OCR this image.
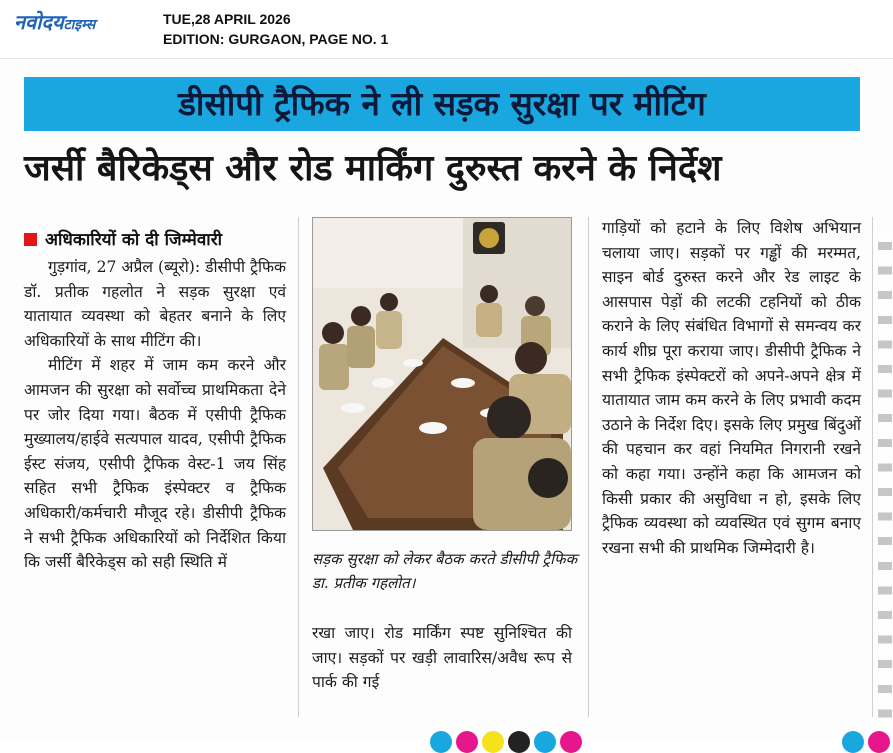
नवोदयटाइम्स	TUE,28 APRIL 2026
EDITION: GURGAON, PAGE NO. 1
डीसीपी ट्रैफिक ने ली सड़क सुरक्षा पर मीटिंग
जर्सी बैरिकेड्स और रोड मार्किंग दुरुस्त करने के निर्देश
अधिकारियों को दी जिम्मेवारी

गुड़गांव, 27 अप्रैल (ब्यूरो): डीसीपी ट्रैफिक डॉ. प्रतीक गहलोत ने सड़क सुरक्षा एवं यातायात व्यवस्था को बेहतर बनाने के लिए अधिकारियों के साथ मीटिंग की।

मीटिंग में शहर में जाम कम करने और आमजन की सुरक्षा को सर्वोच्च प्राथमिकता देने पर जोर दिया गया। बैठक में एसीपी ट्रैफिक मुख्यालय/हाईवे सत्यपाल यादव, एसीपी ट्रैफिक ईस्ट संजय, एसीपी ट्रैफिक वेस्ट-1 जय सिंह सहित सभी ट्रैफिक इंस्पेक्टर व ट्रैफिक अधिकारी/कर्मचारी मौजूद रहे। डीसीपी ट्रैफिक ने सभी ट्रैफिक अधिकारियों को निर्देशित किया कि जर्सी बैरिकेड्स को सही स्थिति में	सड़क सुरक्षा को लेकर बैठक करते डीसीपी ट्रैफिक डा. प्रतीक गहलोत।

रखा जाए। रोड मार्किंग स्पष्ट सुनिश्चित की जाए। सड़कों पर खड़ी लावारिस/अवैध रूप से पार्क की गई

गाड़ियों को हटाने के लिए विशेष अभियान चलाया जाए। सड़कों पर गड्ढों की मरम्मत, साइन बोर्ड दुरुस्त करने और रेड लाइट के आसपास पेड़ों की लटकी टहनियों को ठीक कराने के लिए संबंधित विभागों से समन्वय कर कार्य शीघ्र पूरा कराया जाए। डीसीपी ट्रैफिक ने सभी ट्रैफिक इंस्पेक्टरों को अपने-अपने क्षेत्र में यातायात जाम कम करने के लिए प्रभावी कदम उठाने के निर्देश दिए। इसके लिए प्रमुख बिंदुओं की पहचान कर वहां नियमित निगरानी रखने को कहा गया। उन्होंने कहा कि आमजन को किसी प्रकार की असुविधा न हो, इसके लिए ट्रैफिक व्यवस्था को व्यवस्थित एवं सुगम बनाए रखना सभी की प्राथमिक जिम्मेदारी है।
